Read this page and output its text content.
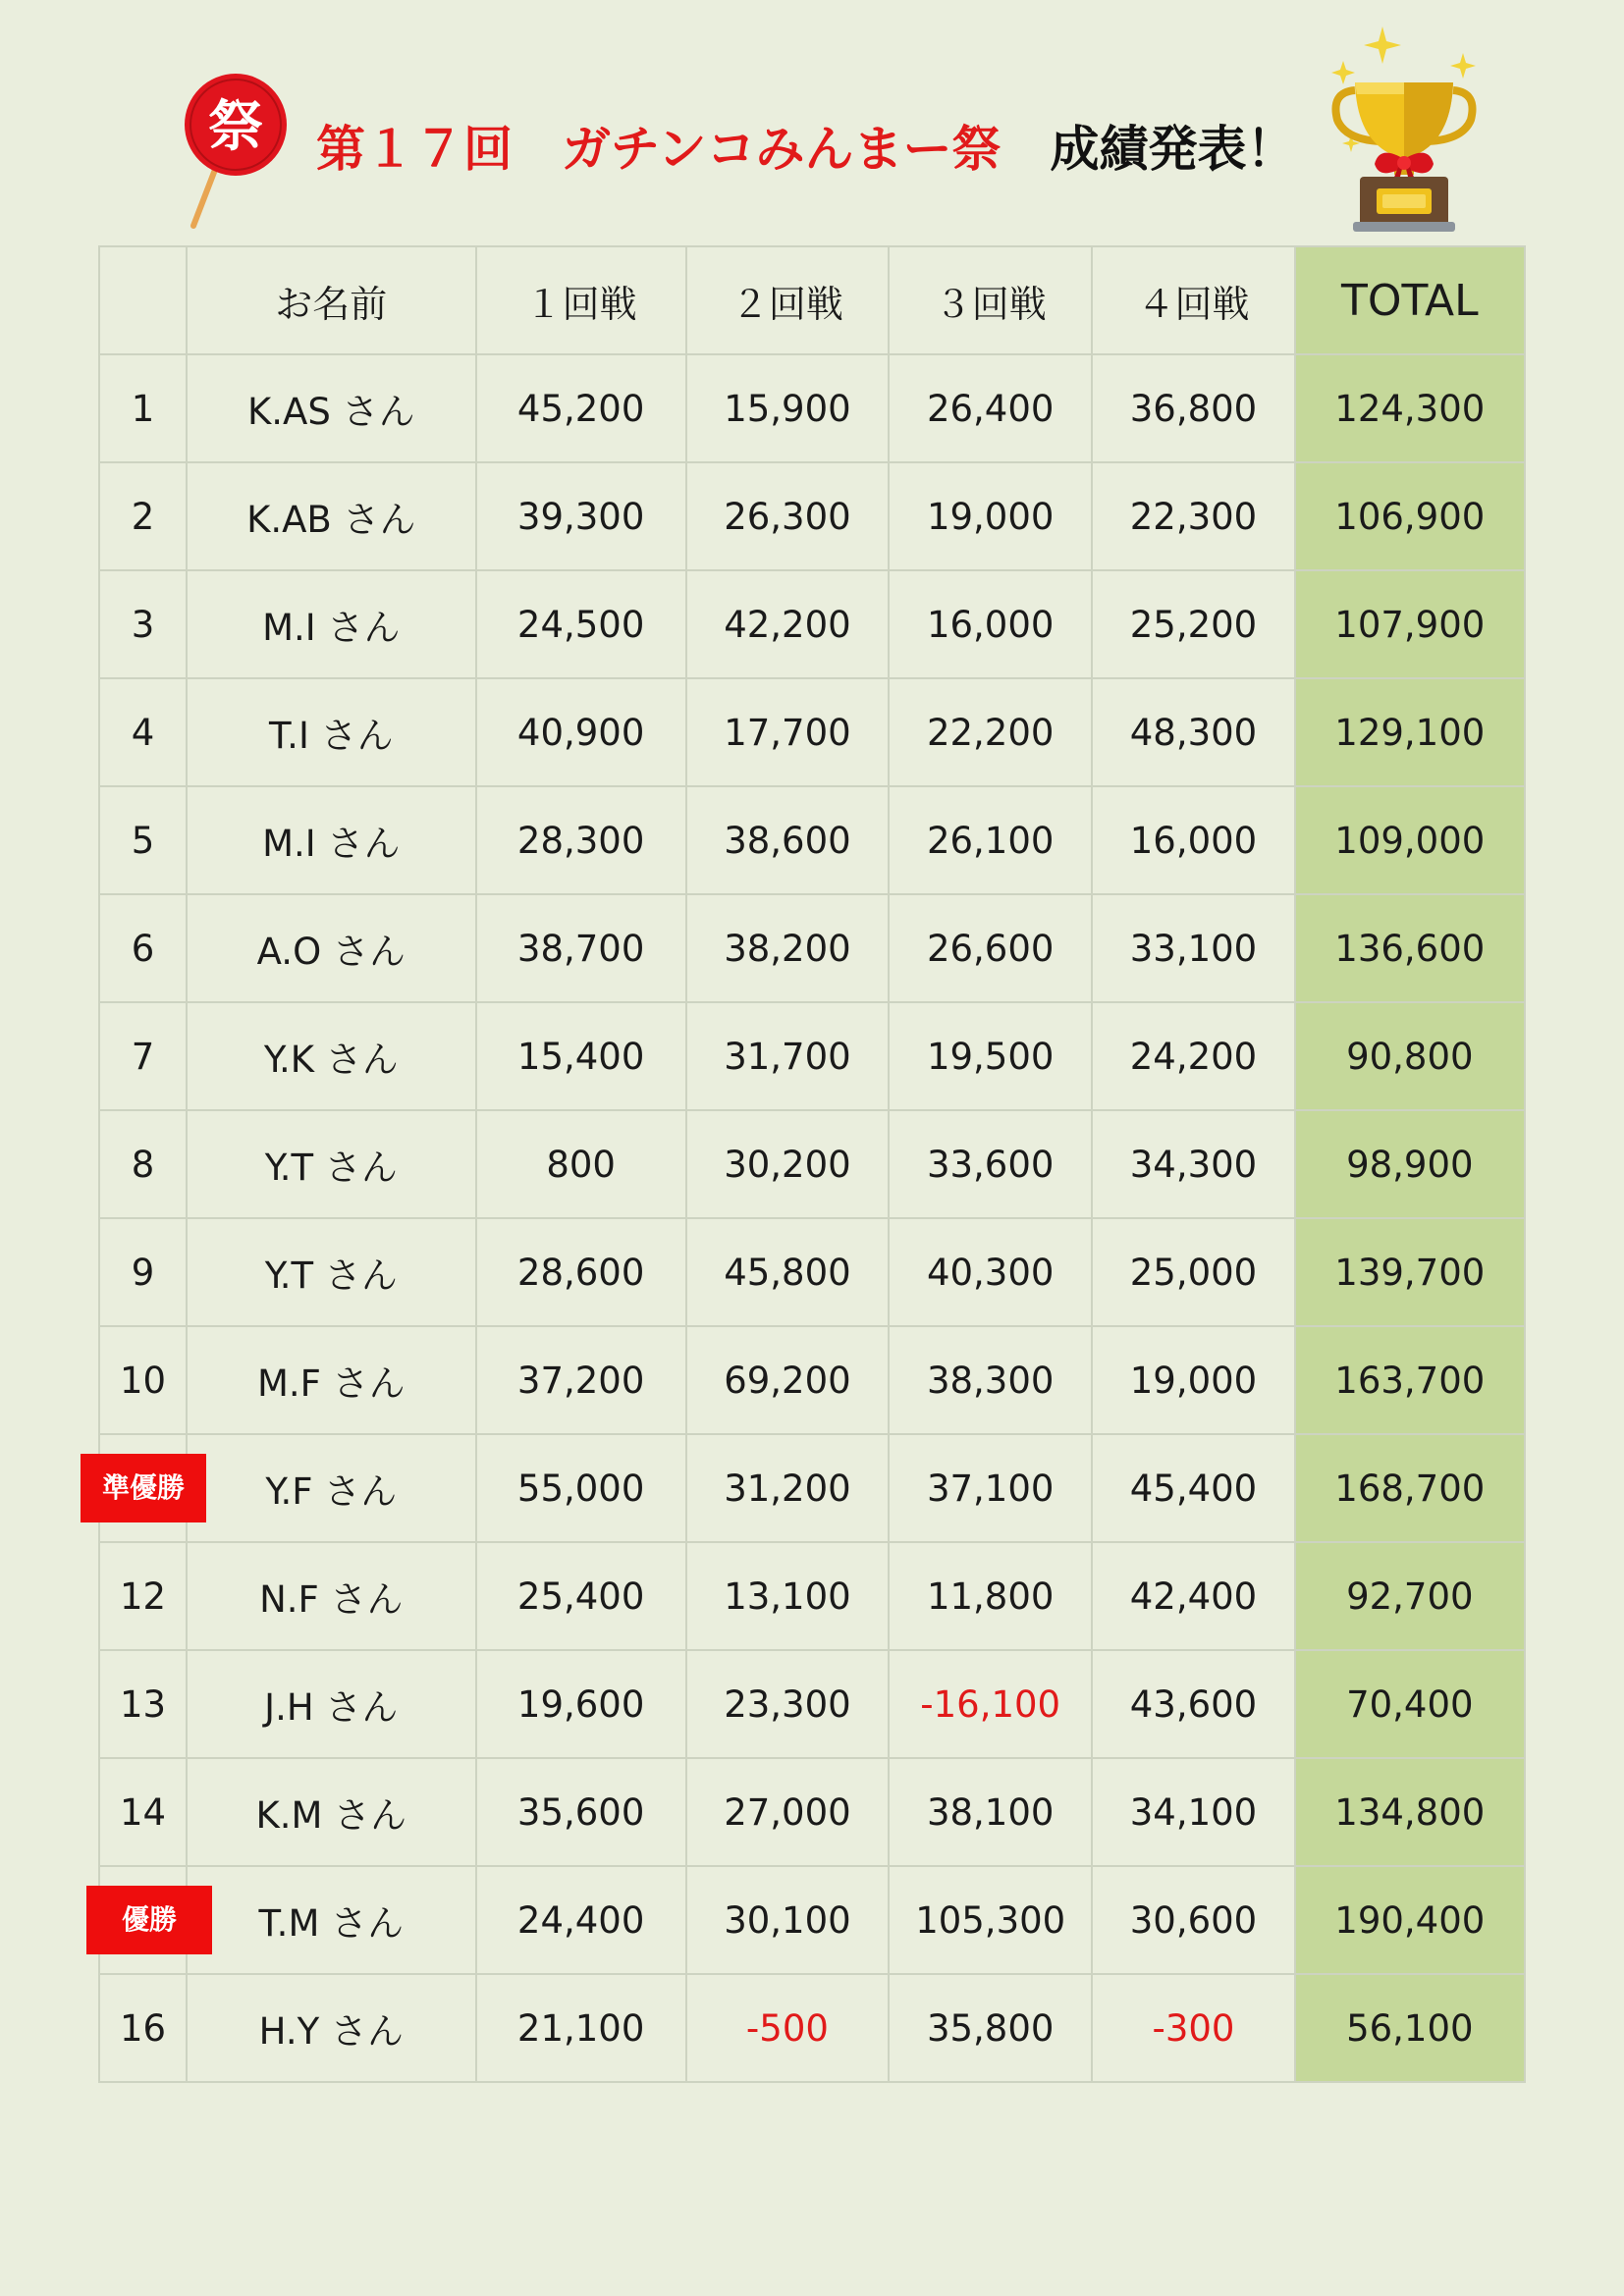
祭 第１７回　ガチンコみんまー祭 成績発表！
	お名前	１回戦	２回戦	３回戦	４回戦	TOTAL
1	K.AS さん	45,200	15,900	26,400	36,800	124,300
2	K.AB さん	39,300	26,300	19,000	22,300	106,900
3	M.I さん	24,500	42,200	16,000	25,200	107,900
4	T.I さん	40,900	17,700	22,200	48,300	129,100
5	M.I さん	28,300	38,600	26,100	16,000	109,000
6	A.O さん	38,700	38,200	26,600	33,100	136,600
7	Y.K さん	15,400	31,700	19,500	24,200	90,800
8	Y.T さん	800	30,200	33,600	34,300	98,900
9	Y.T さん	28,600	45,800	40,300	25,000	139,700
10	M.F さん	37,200	69,200	38,300	19,000	163,700

準優勝	Y.F さん	55,000	31,200	37,100	45,400	168,700
12	N.F さん	25,400	13,100	11,800	42,400	92,700
13	J.H さん	19,600	23,300	-16,100	43,600	70,400
14	K.M さん	35,600	27,000	38,100	34,100	134,800

優勝	T.M さん	24,400	30,100	105,300	30,600	190,400
16	H.Y さん	21,100	-500	35,800	-300	56,100
